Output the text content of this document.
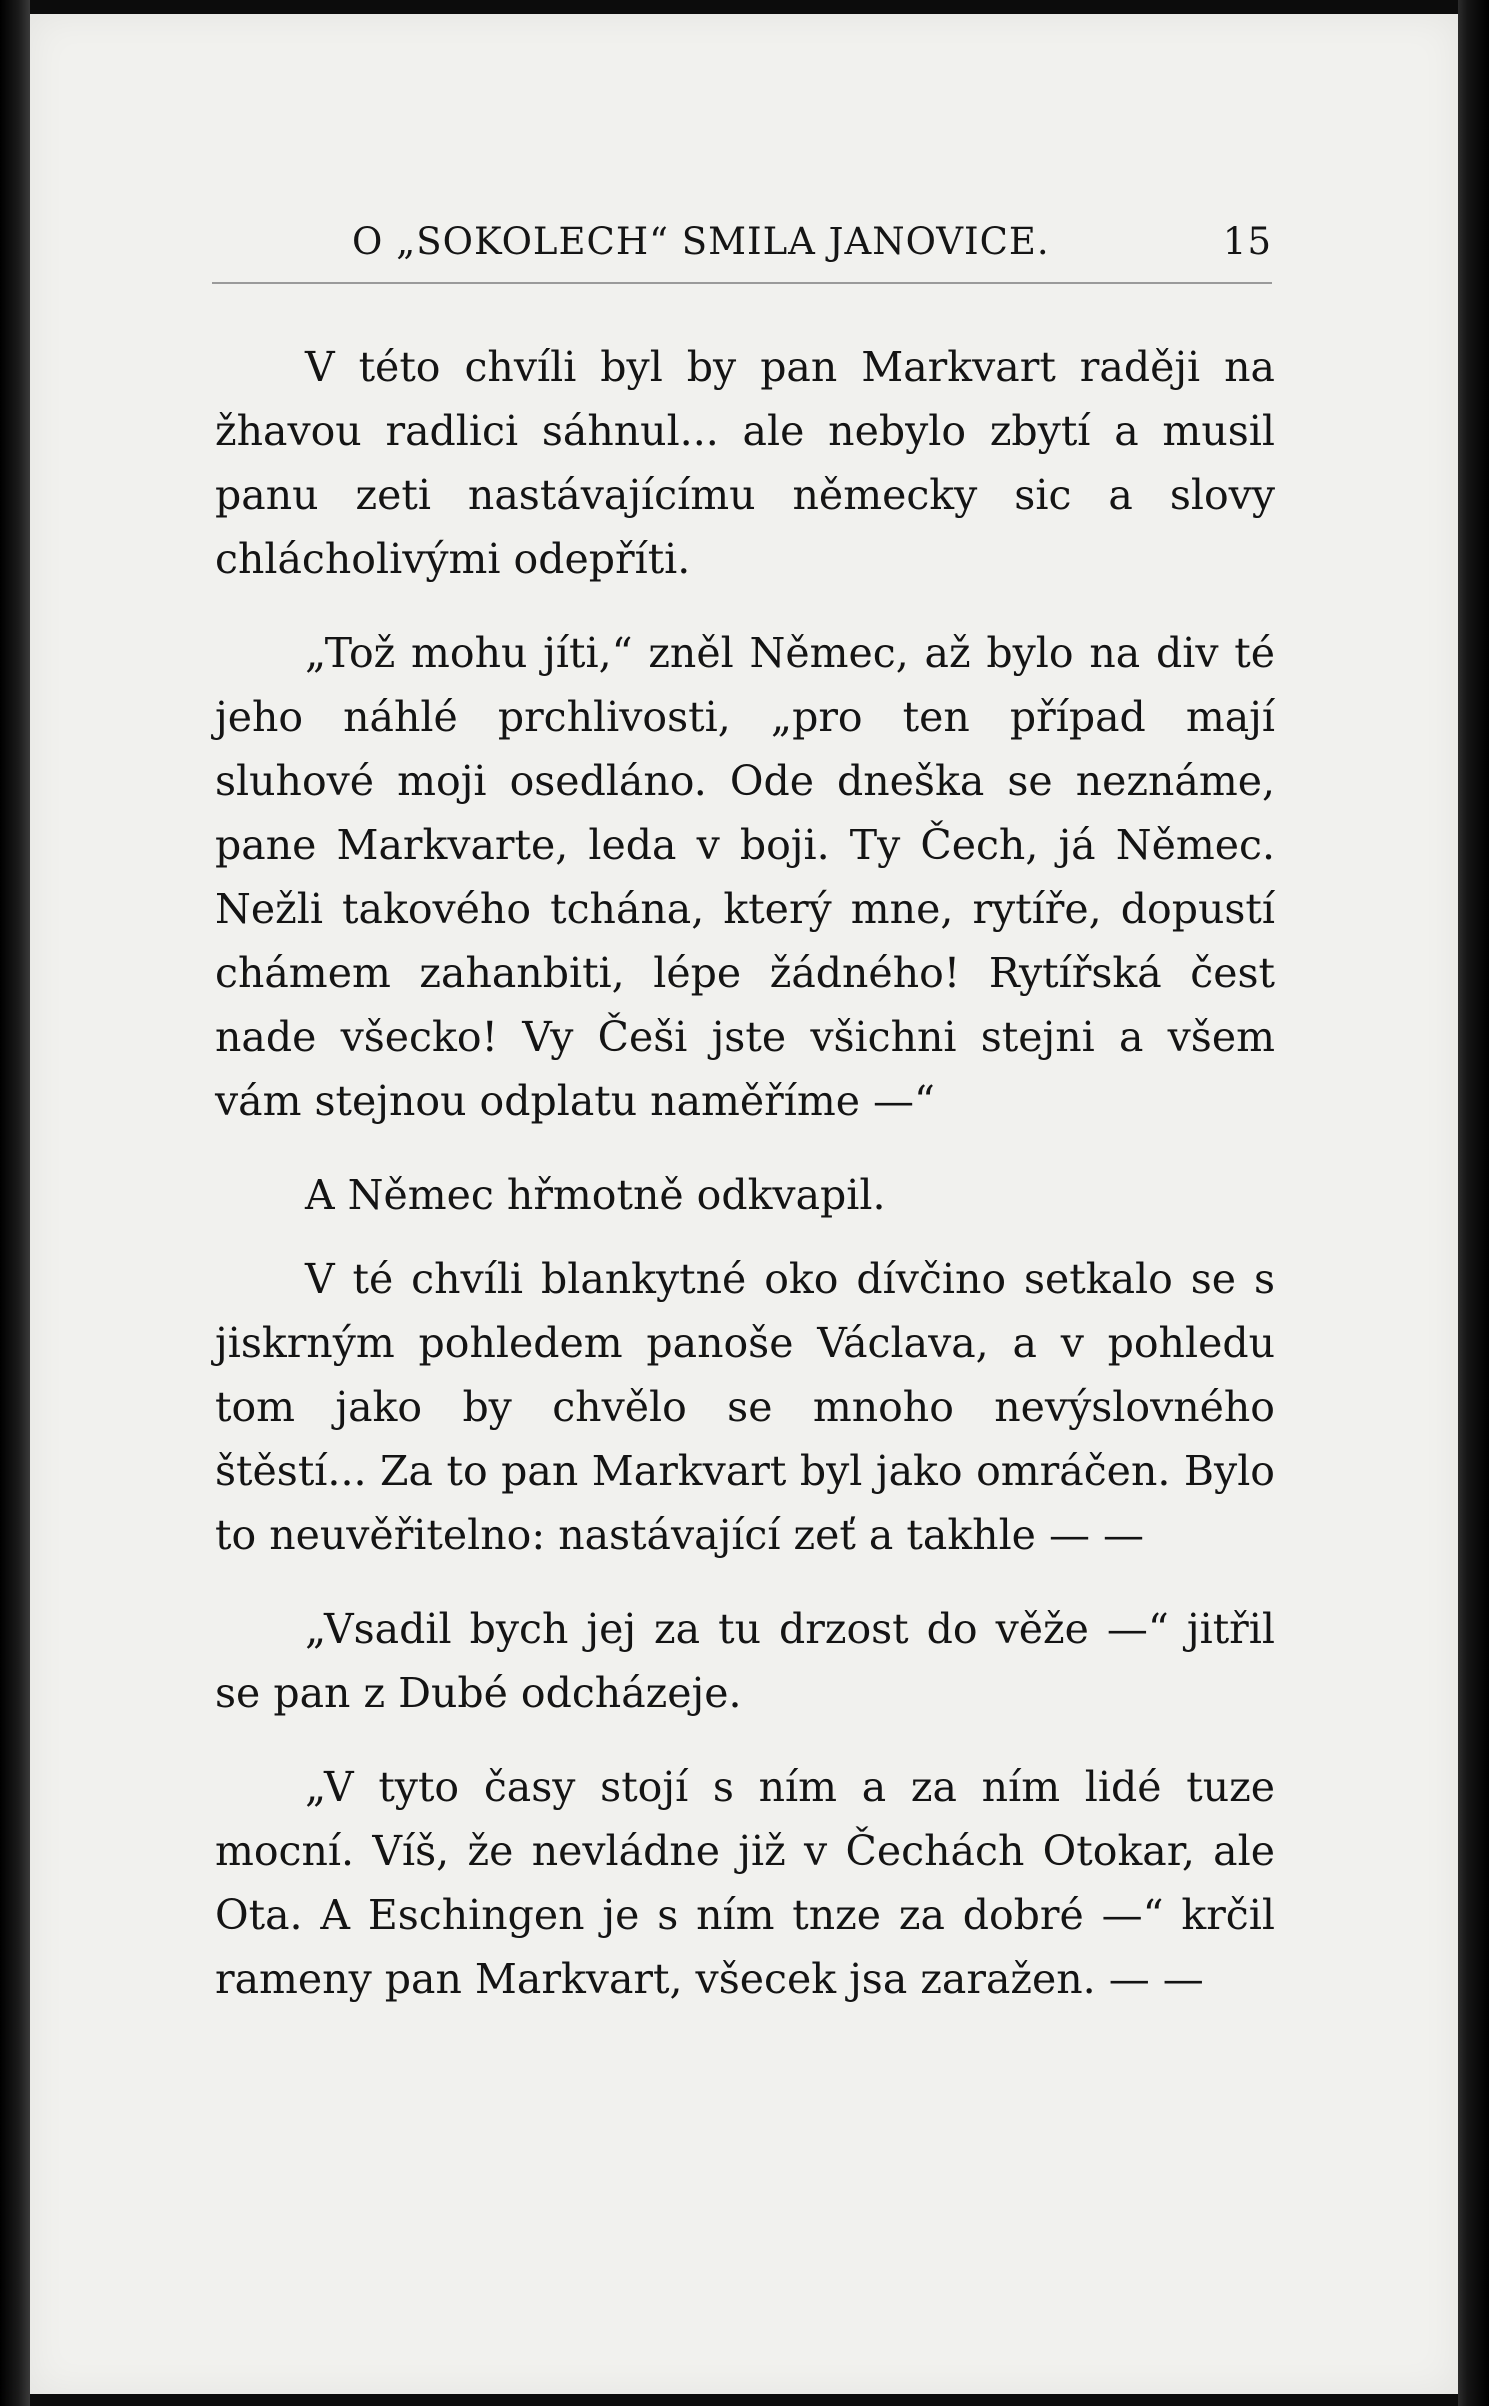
O „SOKOLECH“ SMILA JANOVICE.	15

V této chvíli byl by pan Markvart raději na žhavou radlici sáhnul... ale nebylo zbytí a musil panu zeti nastávajícímu německy sic a slovy chlácholivými odepříti.

„Tož mohu jíti,“ zněl Němec, až bylo na div té jeho náhlé prchlivosti, „pro ten případ mají sluhové moji osedláno. Ode dneška se neznáme, pane Markvarte, leda v boji. Ty Čech, já Němec. Nežli takového tchána, který mne, rytíře, dopustí chámem zahanbiti, lépe žádného! Rytířská čest nade všecko! Vy Češi jste všichni stejni a všem vám stejnou odplatu naměříme —“

A Němec hřmotně odkvapil.

V té chvíli blankytné oko dívčino setkalo se s jiskrným pohledem panoše Václava, a v pohledu tom jako by chvělo se mnoho nevýslovného štěstí... Za to pan Markvart byl jako omráčen. Bylo to neuvěřitelno: nastávající zeť a takhle — —

„Vsadil bych jej za tu drzost do věže —“ jitřil se pan z Dubé odcházeje.

„V tyto časy stojí s ním a za ním lidé tuze mocní. Víš, že nevládne již v Čechách Otokar, ale Ota. A Eschingen je s ním tnze za dobré —“ krčil rameny pan Markvart, všecek jsa zaražen. — —
